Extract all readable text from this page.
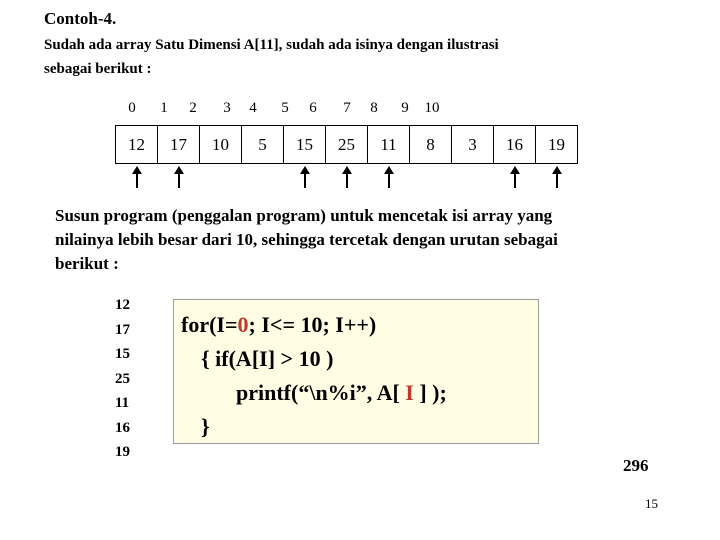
Contoh-4.
Sudah ada array Satu Dimensi A[11], sudah ada isinya dengan ilustrasi
sebagai berikut :
0 1 2 3 4 5 6 7 8 9 10
12	17	10	5	15	25	11	8	3	16	19
Susun program (penggalan program) untuk mencetak isi array yang
nilainya lebih besar dari 10, sehingga tercetak dengan urutan sebagai
berikut :
12
17
15
25
11
16
19
for(I=0; I<= 10; I++)
{ if(A[I] > 10 )
printf(“\n%i”, A[ I ] );
}
296
15
